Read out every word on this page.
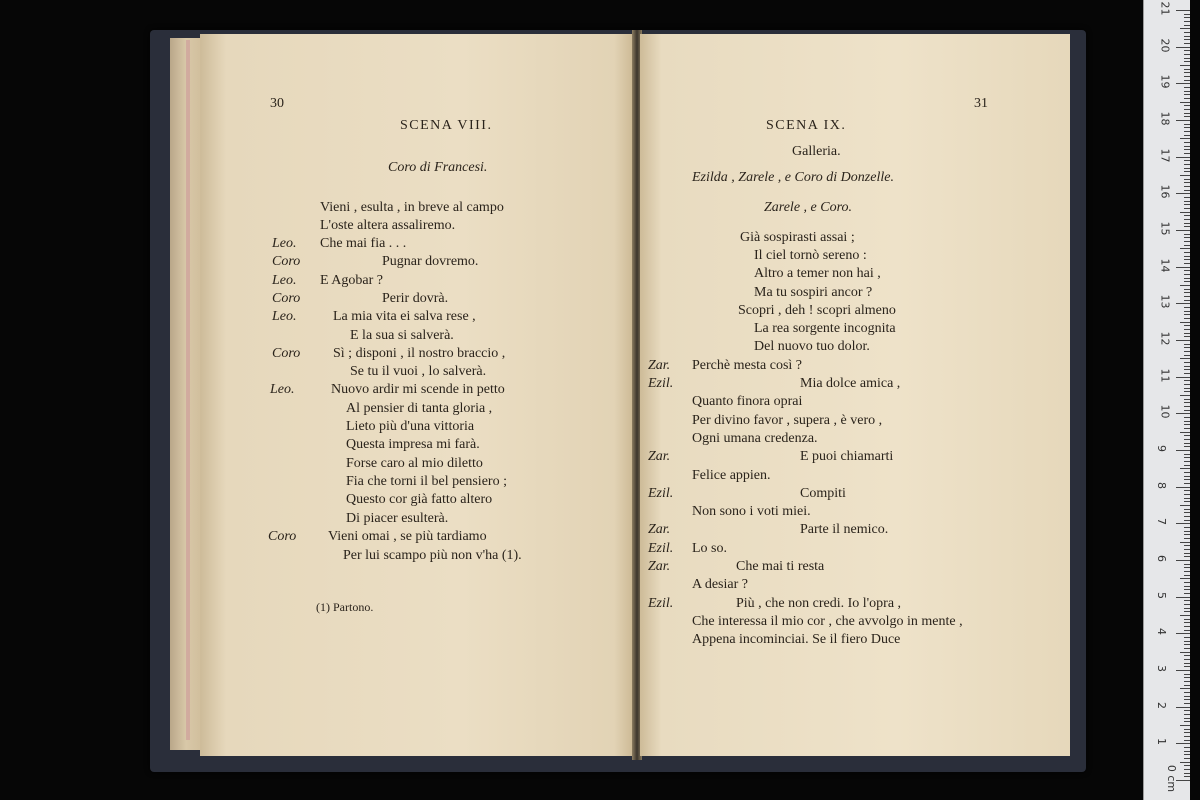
30
SCENA VIII.
Coro di Francesi.
Leo.
Coro
Leo.
Coro
Leo.
Coro
Leo.
Coro
Vieni , esulta , in breve al campo
L'oste altera assaliremo.
Che mai fia . . .
Pugnar dovremo.
E Agobar ?
Perir dovrà.
La mia vita ei salva rese ,
E la sua si salverà.
Sì ; disponi , il nostro braccio ,
Se tu il vuoi , lo salverà.
Nuovo ardir mi scende in petto
Al pensier di tanta gloria ,
Lieto più d'una vittoria
Questa impresa mi farà.
Forse caro al mio diletto
Fia che torni il bel pensiero ;
Questo cor già fatto altero
Di piacer esulterà.
Vieni omai , se più tardiamo
Per lui scampo più non v'ha (1).
(1) Partono.
31
SCENA IX.
Galleria.
Ezilda , Zarele , e Coro di Donzelle.
Zarele , e Coro.
Zar.
Ezil.
Zar.
Ezil.
Zar.
Ezil.
Zar.
Ezil.
Già sospirasti assai ;
Il ciel tornò sereno :
Altro a temer non hai ,
Ma tu sospiri ancor ?
Scopri , deh ! scopri almeno
La rea sorgente incognita
Del nuovo tuo dolor.
Perchè mesta così ?
Mia dolce amica ,
Quanto finora oprai
Per divino favor , supera , è vero ,
Ogni umana credenza.
E puoi chiamarti
Felice appien.
Compiti
Non sono i voti miei.
Parte il nemico.
Lo so.
Che mai ti resta
A desiar ?
Più , che non credi. Io l'opra ,
Che interessa il mio cor , che avvolgo in mente ,
Appena incominciai. Se il fiero Duce
0 cm
1
2
3
4
5
6
7
8
9
10
11
12
13
14
15
16
17
18
19
20
21
